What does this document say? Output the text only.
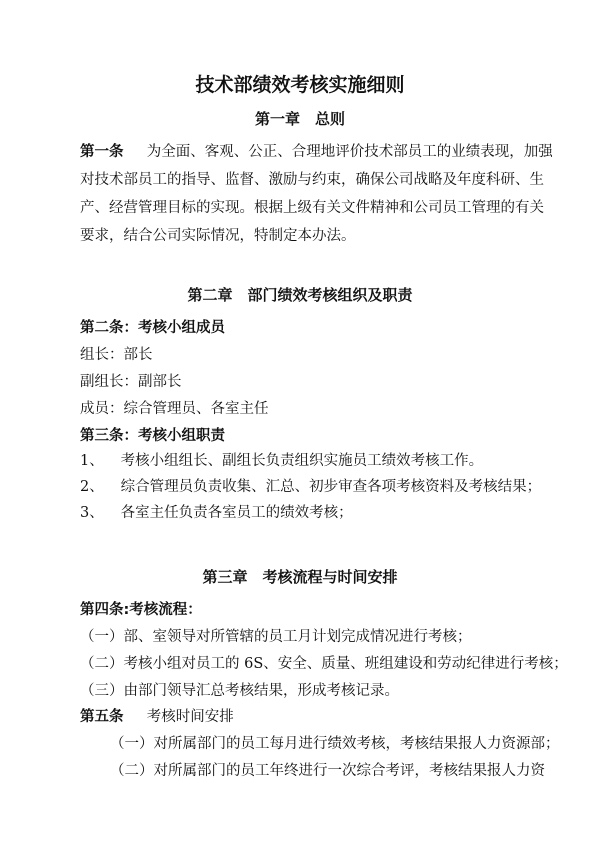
技术部绩效考核实施细则
第一章　总则
第一条 为全面、客观、公正、合理地评价技术部员工的业绩表现，加强
对技术部员工的指导、监督、激励与约束，确保公司战略及年度科研、生
产、经营管理目标的实现。根据上级有关文件精神和公司员工管理的有关
要求，结合公司实际情况，特制定本办法。
第二章　部门绩效考核组织及职责
第二条：考核小组成员
组长：部长
副组长：副部长
成员：综合管理员、各室主任
第三条：考核小组职责
1、 考核小组组长、副组长负责组织实施员工绩效考核工作。
2、 综合管理员负责收集、汇总、初步审查各项考核资料及考核结果；
3、 各室主任负责各室员工的绩效考核；
第三章　考核流程与时间安排
第四条:考核流程：
（一）部、室领导对所管辖的员工月计划完成情况进行考核；
（二）考核小组对员工的 6S、安全、质量、班组建设和劳动纪律进行考核；
（三）由部门领导汇总考核结果，形成考核记录。
第五条 考核时间安排
（一）对所属部门的员工每月进行绩效考核，考核结果报人力资源部；
（二）对所属部门的员工年终进行一次综合考评，考核结果报人力资
